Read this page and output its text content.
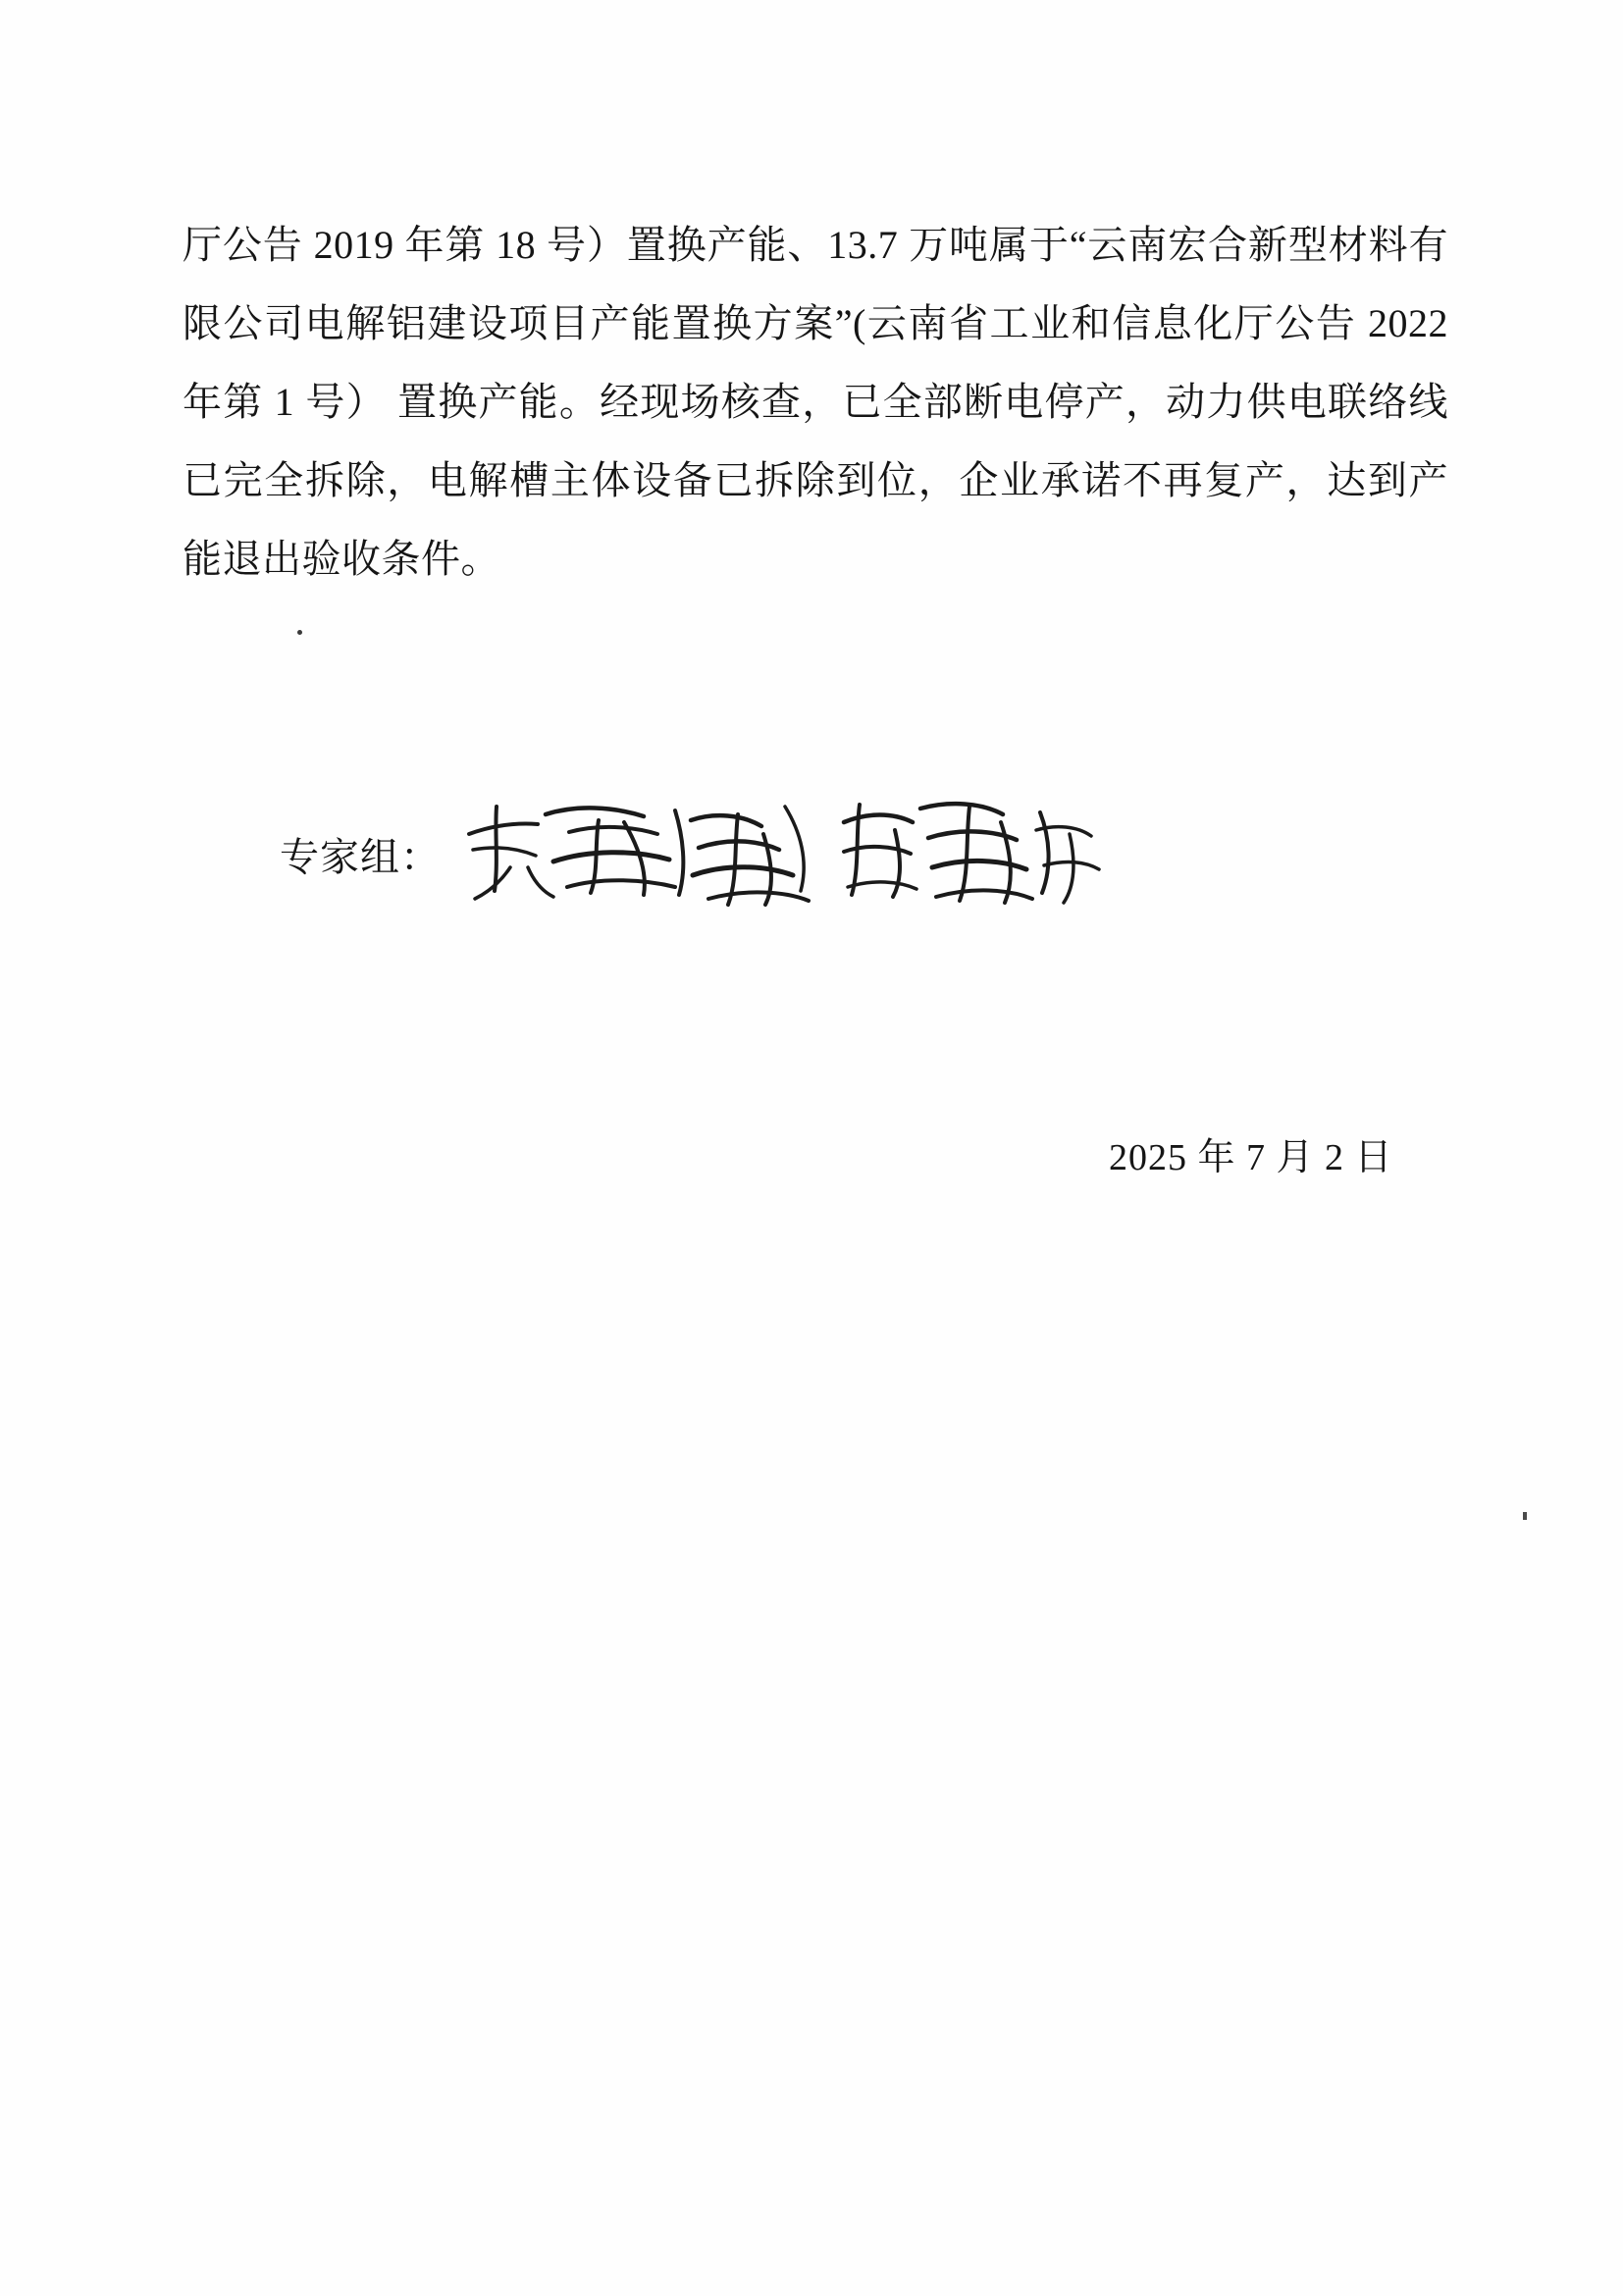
厅公告 2019 年第 18 号）置换产能、13.7 万吨属于“云南宏合新型材料有限公司电解铝建设项目产能置换方案”(云南省工业和信息化厅公告 2022 年第 1 号） 置换产能。经现场核查，已全部断电停产，动力供电联络线已完全拆除，电解槽主体设备已拆除到位，企业承诺不再复产，达到产能退出验收条件。

专家组：
2025 年 7 月 2 日
